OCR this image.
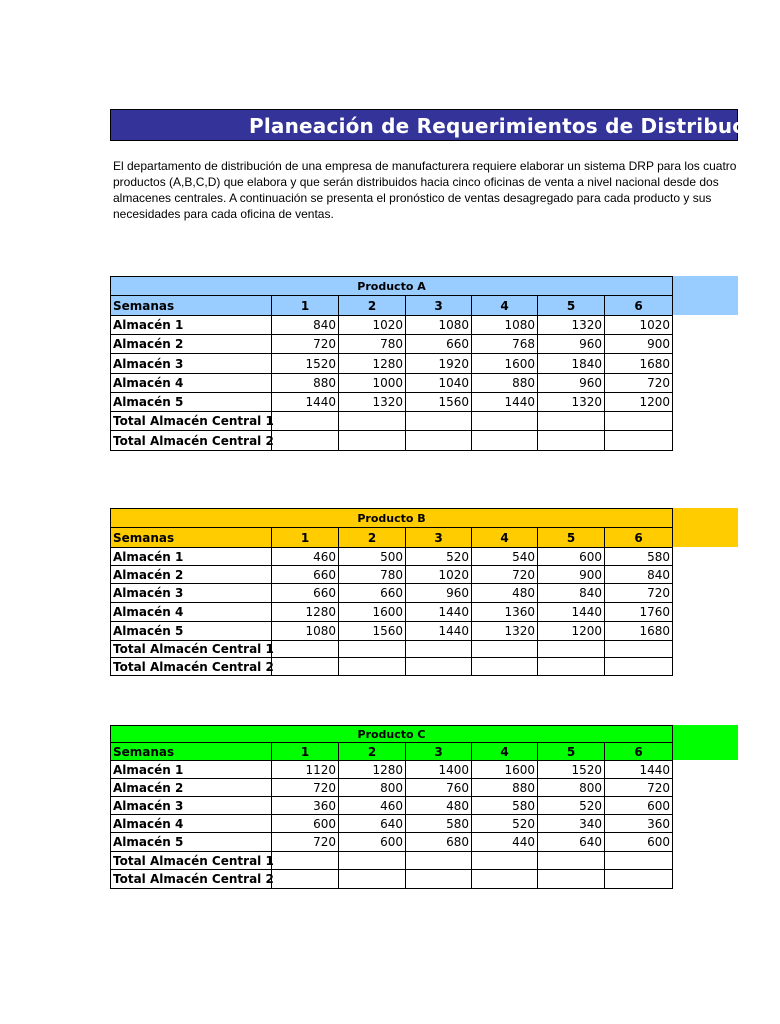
Planeación de Requerimientos de Distribución
El departamento de distribución de una empresa de manufacturera requiere elaborar un sistema DRP para los cuatro
productos (A,B,C,D) que elabora y que serán distribuidos hacia cinco oficinas de venta a nivel nacional desde dos
almacenes centrales. A continuación se presenta el pronóstico de ventas desagregado para cada producto y sus
necesidades para cada oficina de ventas.
Producto A						
Semanas	1	2	3	4	5	6
Almacén 1	840	1020	1080	1080	1320	1020
Almacén 2	720	780	660	768	960	900
Almacén 3	1520	1280	1920	1600	1840	1680
Almacén 4	880	1000	1040	880	960	720
Almacén 5	1440	1320	1560	1440	1320	1200
Total Almacén Central 1						
Total Almacén Central 2						
Producto B						
Semanas	1	2	3	4	5	6
Almacén 1	460	500	520	540	600	580
Almacén 2	660	780	1020	720	900	840
Almacén 3	660	660	960	480	840	720
Almacén 4	1280	1600	1440	1360	1440	1760
Almacén 5	1080	1560	1440	1320	1200	1680
Total Almacén Central 1						
Total Almacén Central 2						
Producto C						
Semanas	1	2	3	4	5	6
Almacén 1	1120	1280	1400	1600	1520	1440
Almacén 2	720	800	760	880	800	720
Almacén 3	360	460	480	580	520	600
Almacén 4	600	640	580	520	340	360
Almacén 5	720	600	680	440	640	600
Total Almacén Central 1						
Total Almacén Central 2						
